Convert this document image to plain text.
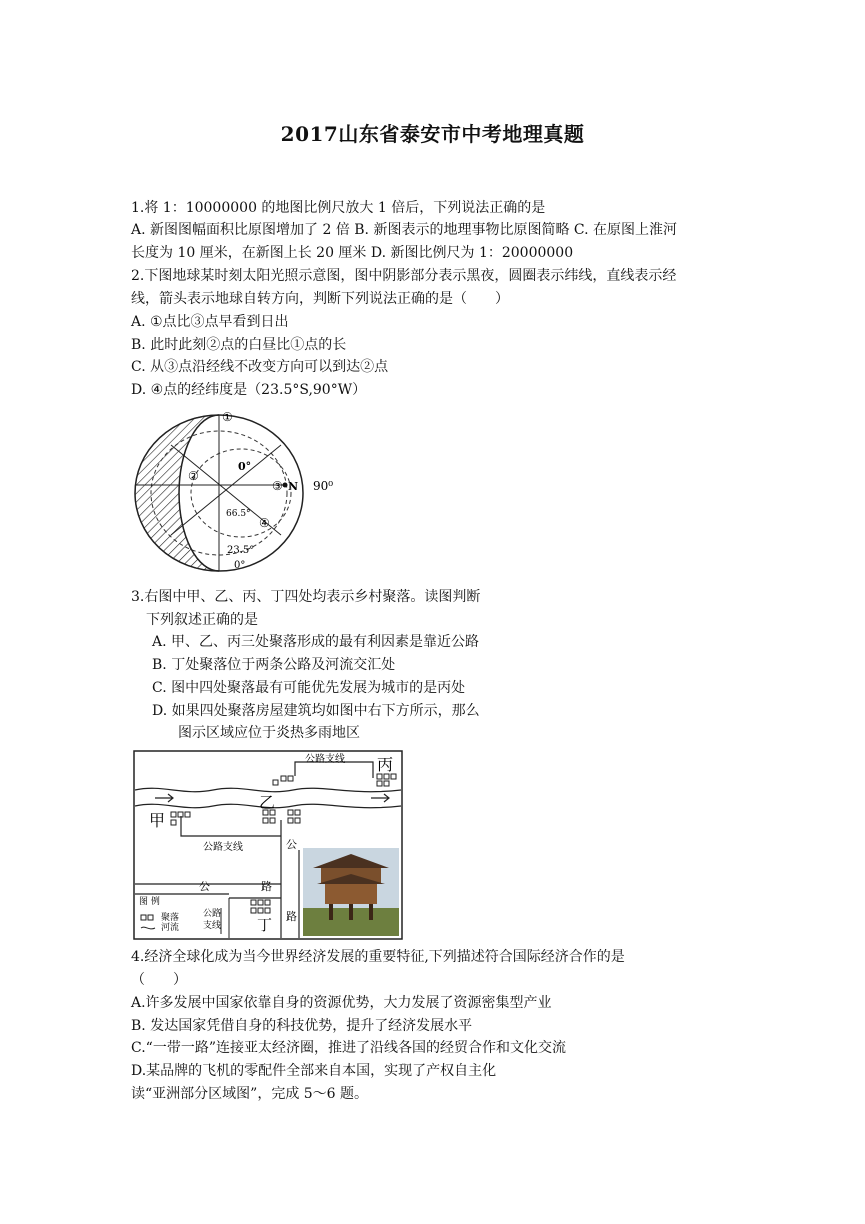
2017山东省泰安市中考地理真题
1.将 1：10000000 的地图比例尺放大 1 倍后，下列说法正确的是
A. 新图图幅面积比原图增加了 2 倍 B. 新图表示的地理事物比原图简略 C. 在原图上淮河
长度为 10 厘米，在新图上长 20 厘米 D. 新图比例尺为 1：20000000
2.下图地球某时刻太阳光照示意图，图中阴影部分表示黑夜，圆圈表示纬线，直线表示经
线，箭头表示地球自转方向，判断下列说法正确的是（　　）
A. ①点比③点早看到日出
B. 此时此刻②点的白昼比①点的长
C. 从③点沿经线不改变方向可以到达②点
D. ④点的经纬度是（23.5°S,90°W）
①
②
③
④
N
0°
66.5°
23.5°
0°
90⁰
3.右图中甲、乙、丙、丁四处均表示乡村聚落。读图判断
下列叙述正确的是
A. 甲、乙、丙三处聚落形成的最有利因素是靠近公路
B. 丁处聚落位于两条公路及河流交汇处
C. 图中四处聚落最有可能优先发展为城市的是丙处
D. 如果四处聚落房屋建筑均如图中右下方所示，那么
图示区域应位于炎热多雨地区
公路支线 丙
乙
甲
公路支线	公
路
公	路
丁
图 例
聚落
河流
公路
支线
4.经济全球化成为当今世界经济发展的重要特征,下列描述符合国际经济合作的是
（　　）
A.许多发展中国家依靠自身的资源优势，大力发展了资源密集型产业
B. 发达国家凭借自身的科技优势，提升了经济发展水平
C.“一带一路”连接亚太经济圈，推进了沿线各国的经贸合作和文化交流
D.某品牌的飞机的零配件全部来自本国，实现了产权自主化
读“亚洲部分区域图”，完成 5～6 题。
